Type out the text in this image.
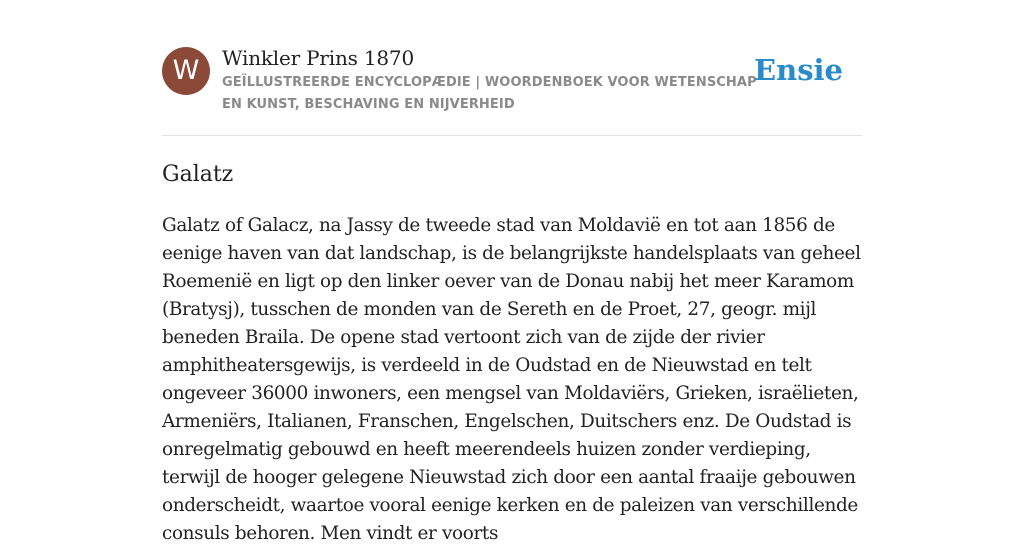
W	Winkler Prins 1870
GEÏLLUSTREERDE ENCYCLOPÆDIE | WOORDENBOEK VOOR WETENSCHAP EN KUNST, BESCHAVING EN NIJVERHEID
Ensie
Galatz

Galatz of Galacz, na Jassy de tweede stad van Moldavië en tot aan 1856 de eenige haven van dat landschap, is de belangrijkste handelsplaats van geheel Roemenië en ligt op den linker oever van de Donau nabij het meer Karamom (Bratysj), tusschen de monden van de Sereth en de Proet, 27, geogr. mijl beneden Braila. De opene stad vertoont zich van de zijde der rivier amphitheatersgewijs, is verdeeld in de Oudstad en de Nieuwstad en telt ongeveer 36000 inwoners, een mengsel van Moldaviërs, Grieken, israëlieten, Armeniërs, Italianen, Franschen, Engelschen, Duitschers enz. De Oudstad is onregelmatig gebouwd en heeft meerendeels huizen zonder verdieping, terwijl de hooger gelegene Nieuwstad zich door een aantal fraaije gebouwen onderscheidt, waartoe vooral eenige kerken en de paleizen van verschillende consuls behoren. Men vindt er voorts
